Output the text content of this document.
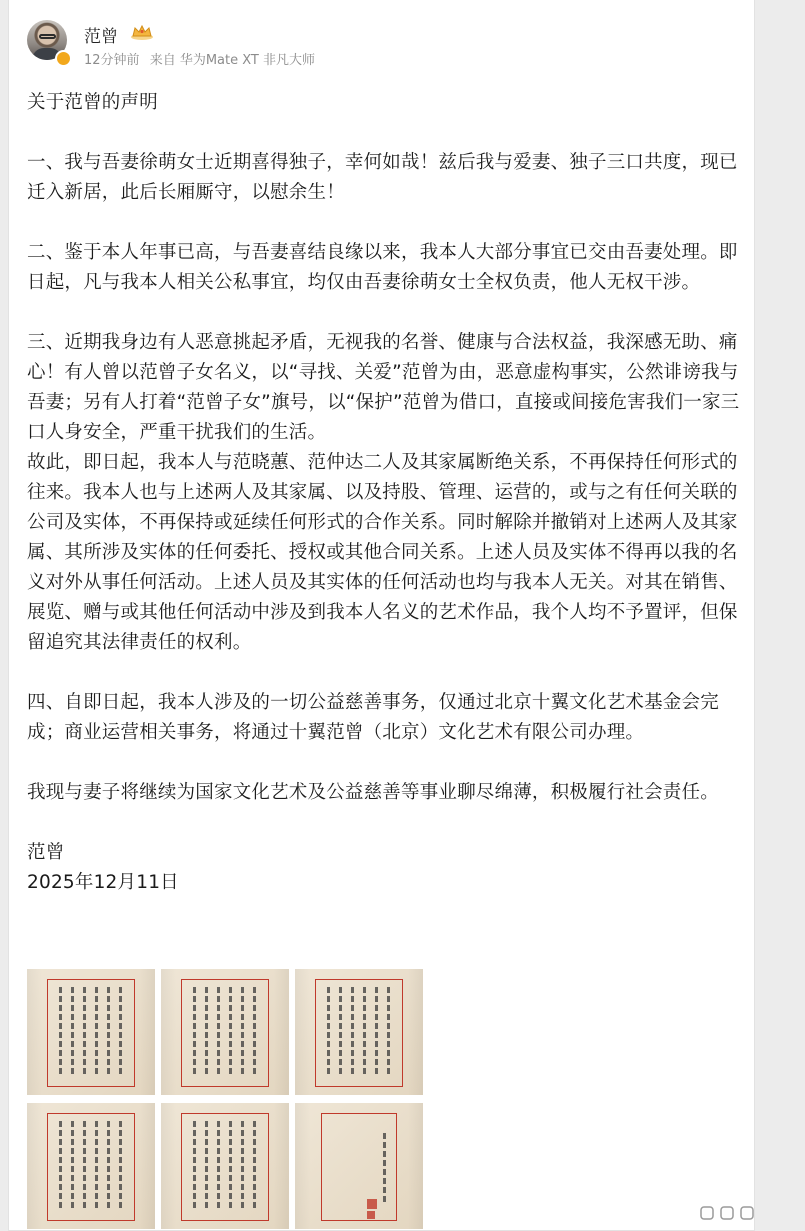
范曾
12分钟前 来自 华为Mate XT 非凡大师

关于范曾的声明

一、我与吾妻徐萌女士近期喜得独子，幸何如哉！兹后我与爱妻、独子三口共度，现已迁入新居，此后长厢厮守，以慰余生！

二、鉴于本人年事已高，与吾妻喜结良缘以来，我本人大部分事宜已交由吾妻处理。即日起，凡与我本人相关公私事宜，均仅由吾妻徐萌女士全权负责，他人无权干涉。

三、近期我身边有人恶意挑起矛盾，无视我的名誉、健康与合法权益，我深感无助、痛心！有人曾以范曾子女名义，以“寻找、关爱”范曾为由，恶意虚构事实，公然诽谤我与吾妻；另有人打着“范曾子女”旗号，以“保护”范曾为借口，直接或间接危害我们一家三口人身安全，严重干扰我们的生活。

故此，即日起，我本人与范晓蕙、范仲达二人及其家属断绝关系，不再保持任何形式的往来。我本人也与上述两人及其家属、以及持股、管理、运营的，或与之有任何关联的公司及实体，不再保持或延续任何形式的合作关系。同时解除并撤销对上述两人及其家属、其所涉及实体的任何委托、授权或其他合同关系。上述人员及实体不得再以我的名义对外从事任何活动。上述人员及其实体的任何活动也均与我本人无关。对其在销售、展览、赠与或其他任何活动中涉及到我本人名义的艺术作品，我个人均不予置评，但保留追究其法律责任的权利。

四、自即日起，我本人涉及的一切公益慈善事务，仅通过北京十翼文化艺术基金会完成；商业运营相关事务，将通过十翼范曾（北京）文化艺术有限公司办理。

我现与妻子将继续为国家文化艺术及公益慈善等事业聊尽绵薄，积极履行社会责任。

范曾

2025年12月11日
